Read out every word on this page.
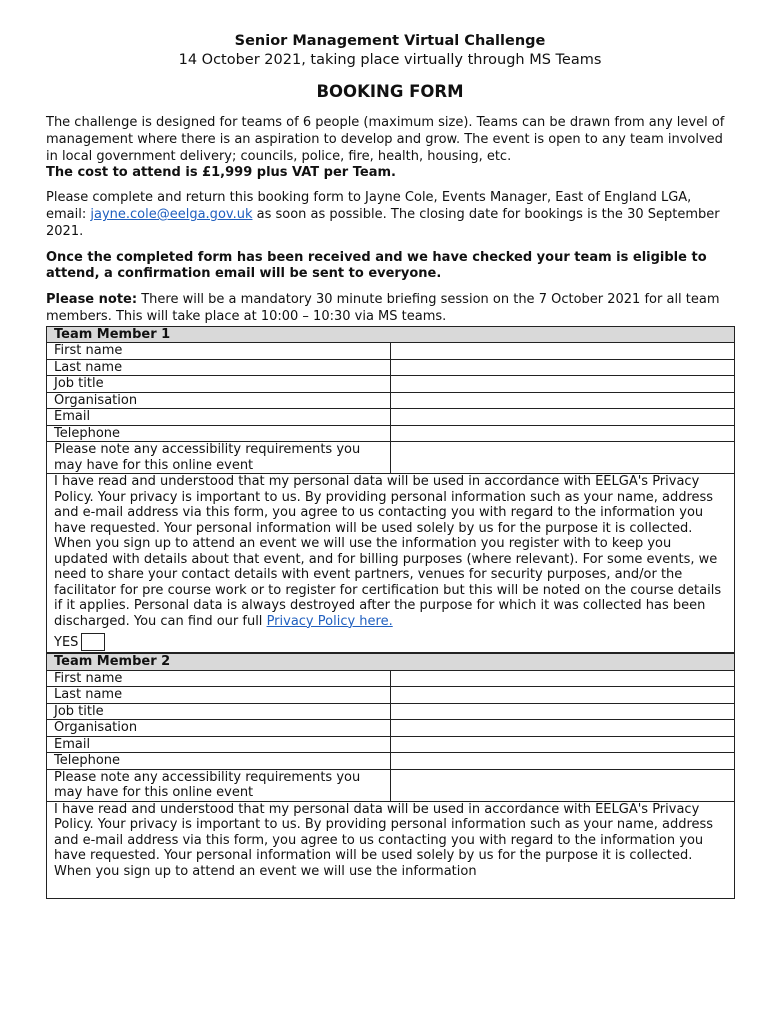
Senior Management Virtual Challenge
14 October 2021, taking place virtually through MS Teams
BOOKING FORM

The challenge is designed for teams of 6 people (maximum size). Teams can be drawn from any level of management where there is an aspiration to develop and grow. The event is open to any team involved in local government delivery; councils, police, fire, health, housing, etc.
The cost to attend is £1,999 plus VAT per Team.

Please complete and return this booking form to Jayne Cole, Events Manager, East of England LGA, email: jayne.cole@eelga.gov.uk as soon as possible. The closing date for bookings is the 30 September 2021.

Once the completed form has been received and we have checked your team is eligible to attend, a confirmation email will be sent to everyone.

Please note: There will be a mandatory 30 minute briefing session on the 7 October 2021 for all team members. This will take place at 10:00 – 10:30 via MS teams.

Team Member 1	
First name	
Last name	
Job title	
Organisation	
Email	
Telephone	
Please note any accessibility requirements you may have for this online event	
I have read and understood that my personal data will be used in accordance with EELGA's Privacy Policy. Your privacy is important to us. By providing personal information such as your name, address and e-mail address via this form, you agree to us contacting you with regard to the information you have requested. Your personal information will be used solely by us for the purpose it is collected. When you sign up to attend an event we will use the information you register with to keep you updated with details about that event, and for billing purposes (where relevant). For some events, we need to share your contact details with event partners, venues for security purposes, and/or the facilitator for pre course work or to register for certification but this will be noted on the course details if it applies. Personal data is always destroyed after the purpose for which it was collected has been discharged. You can find our full Privacy Policy here.
YES	
Team Member 2	
First name	
Last name	
Job title	
Organisation	
Email	
Telephone	
Please note any accessibility requirements you may have for this online event	

I have read and understood that my personal data will be used in accordance with EELGA's Privacy Policy. Your privacy is important to us. By providing personal information such as your name, address and e-mail address via this form, you agree to us contacting you with regard to the information you have requested. Your personal information will be used solely by us for the purpose it is collected. When you sign up to attend an event we will use the information	
